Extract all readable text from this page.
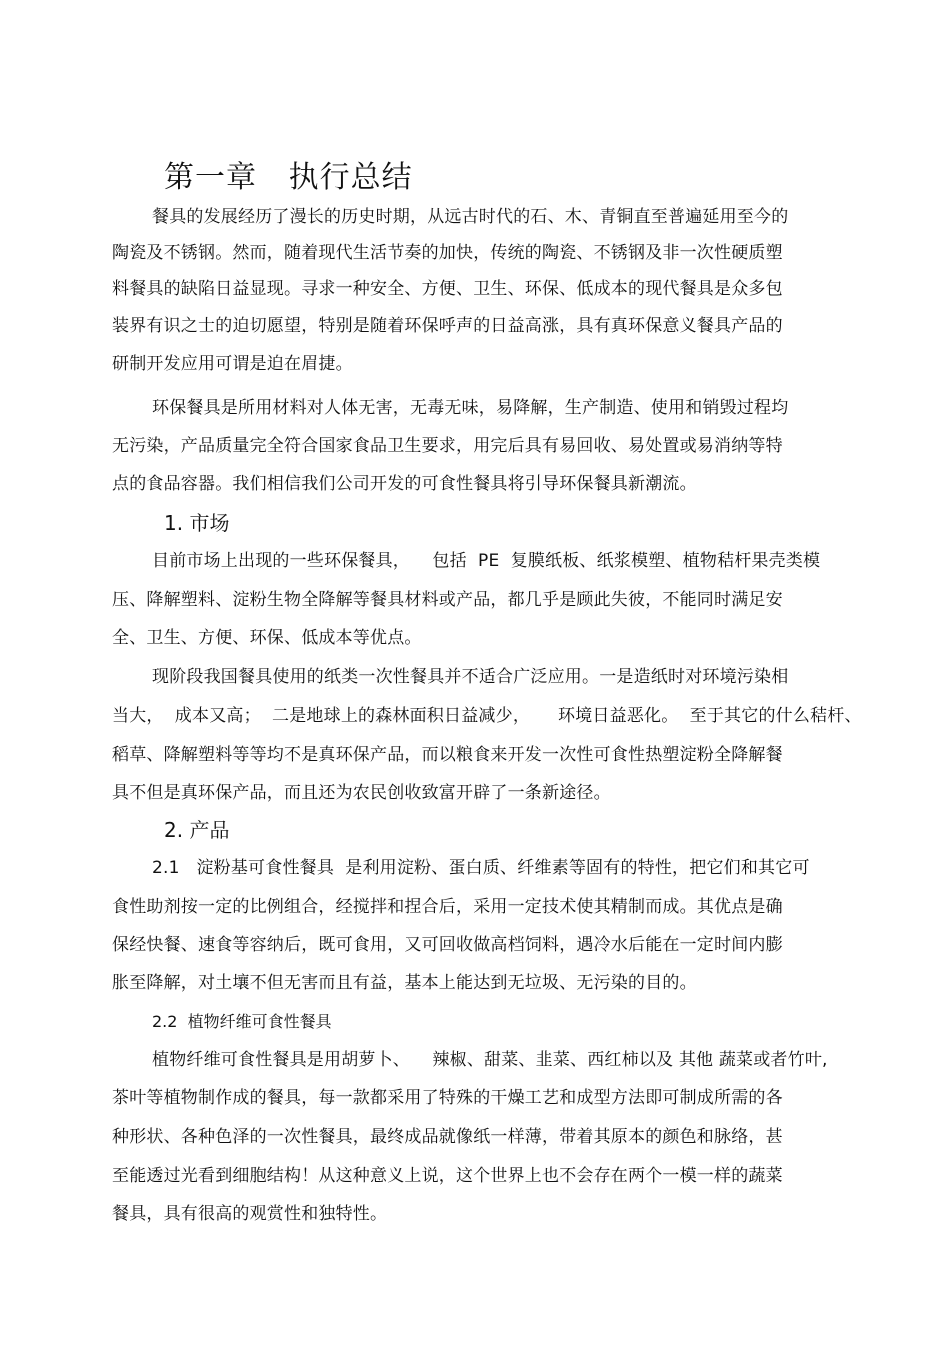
第一章   执行总结
餐具的发展经历了漫长的历史时期，从远古时代的石、木、青铜直至普遍延用至今的
陶瓷及不锈钢。然而，随着现代生活节奏的加快，传统的陶瓷、不锈钢及非一次性硬质塑
料餐具的缺陷日益显现。寻求一种安全、方便、卫生、环保、低成本的现代餐具是众多包
装界有识之士的迫切愿望，特别是随着环保呼声的日益高涨，具有真环保意义餐具产品的
研制开发应用可谓是迫在眉捷。
环保餐具是所用材料对人体无害，无毒无味，易降解，生产制造、使用和销毁过程均
无污染，产品质量完全符合国家食品卫生要求，用完后具有易回收、易处置或易消纳等特
点的食品容器。我们相信我们公司开发的可食性餐具将引导环保餐具新潮流。
1. 市场
目前市场上出现的一些环保餐具，    包括  PE  复膜纸板、纸浆模塑、植物秸杆果壳类模
压、降解塑料、淀粉生物全降解等餐具材料或产品，都几乎是顾此失彼，不能同时满足安
全、卫生、方便、环保、低成本等优点。
现阶段我国餐具使用的纸类一次性餐具并不适合广泛应用。一是造纸时对环境污染相
当大，  成本又高；  二是地球上的森林面积日益减少，     环境日益恶化。  至于其它的什么秸杆、
稻草、降解塑料等等均不是真环保产品，而以粮食来开发一次性可食性热塑淀粉全降解餐
具不但是真环保产品，而且还为农民创收致富开辟了一条新途径。
2. 产品
2.1   淀粉基可食性餐具  是利用淀粉、蛋白质、纤维素等固有的特性，把它们和其它可
食性助剂按一定的比例组合，经搅拌和捏合后，采用一定技术使其精制而成。其优点是确
保经快餐、速食等容纳后，既可食用，又可回收做高档饲料，遇冷水后能在一定时间内膨
胀至降解，对土壤不但无害而且有益，基本上能达到无垃圾、无污染的目的。
2.2  植物纤维可食性餐具
植物纤维可食性餐具是用胡萝卜、    辣椒、甜菜、韭菜、西红柿以及 其他 蔬菜或者竹叶,
茶叶等植物制作成的餐具，每一款都采用了特殊的干燥工艺和成型方法即可制成所需的各
种形状、各种色泽的一次性餐具，最终成品就像纸一样薄，带着其原本的颜色和脉络，甚
至能透过光看到细胞结构！从这种意义上说，这个世界上也不会存在两个一模一样的蔬菜
餐具，具有很高的观赏性和独特性。
